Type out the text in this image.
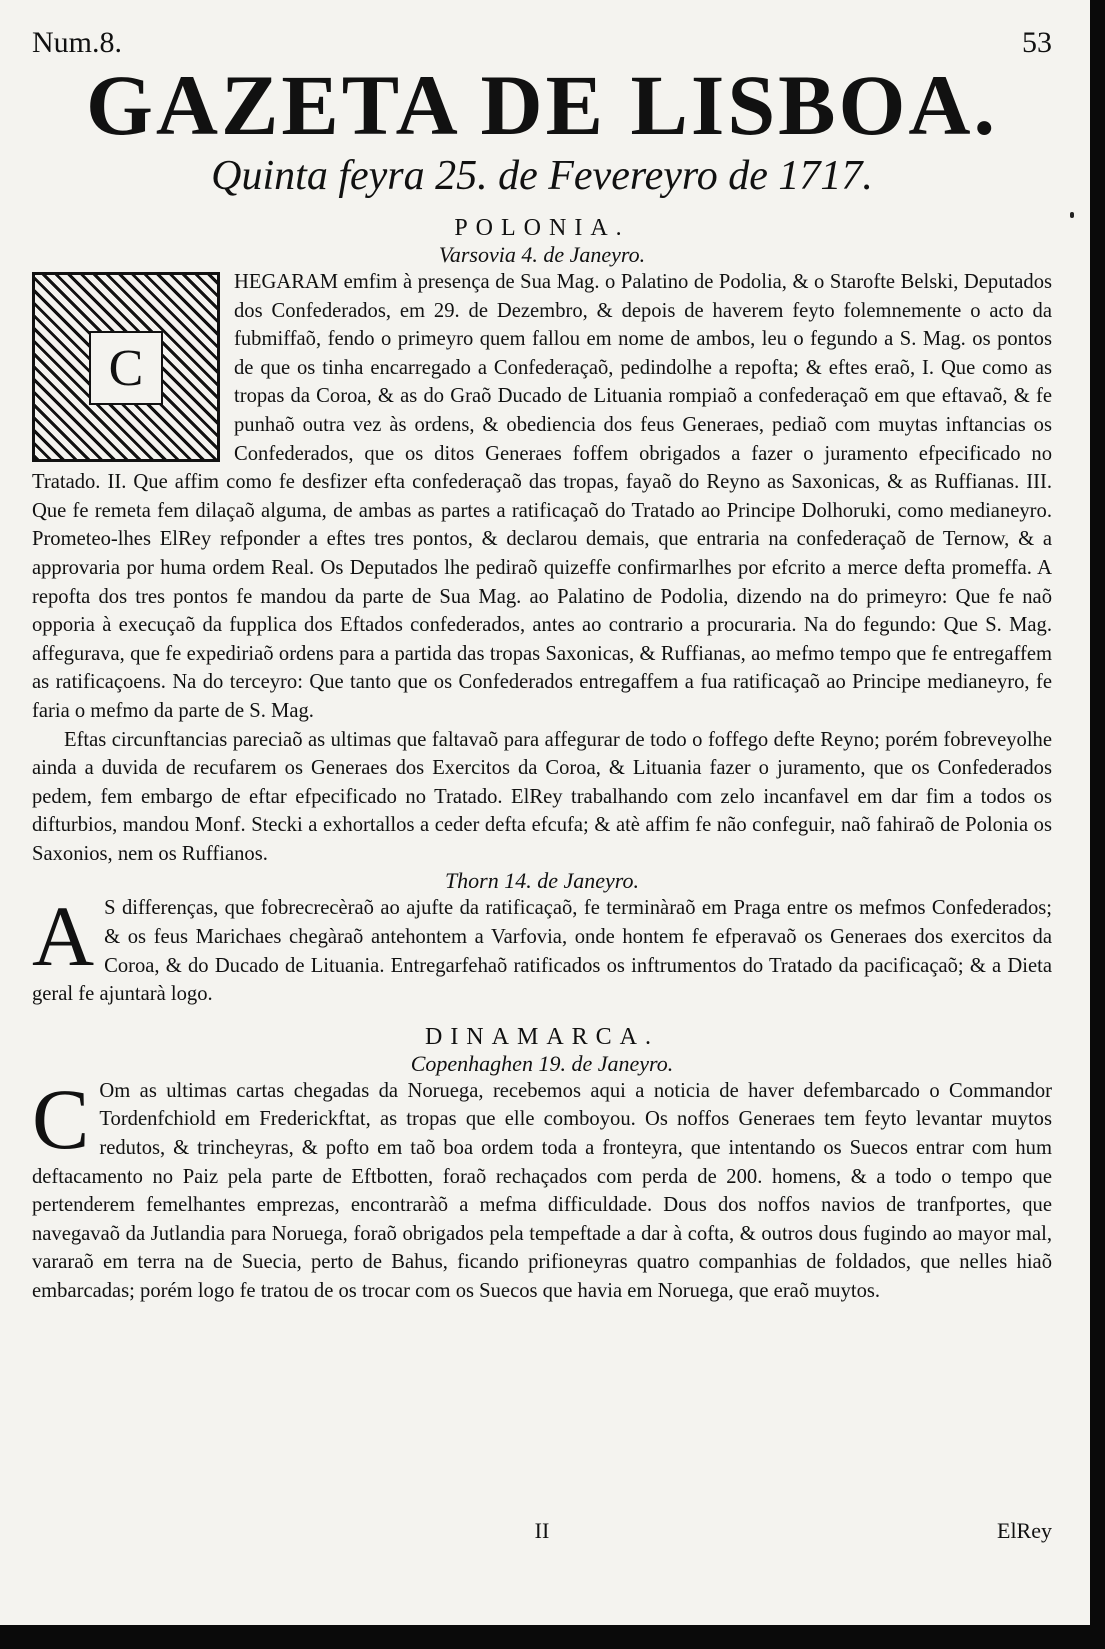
Num.8.	53
GAZETA DE LISBOA.
Quinta feyra 25. de Fevereyro de 1717.
POLONIA.
Varsovia 4. de Janeyro.
C

HEGARAM emfim à presença de Sua Mag. o Palatino de Podolia, & o Starofte Belski, Deputados dos Confederados, em 29. de Dezembro, & depois de haverem feyto folemnemente o acto da fubmiffaõ, fendo o primeyro quem fallou em nome de ambos, leu o fegundo a S. Mag. os pontos de que os tinha encarregado a Confederaçaõ, pedindolhe a repofta; & eftes eraõ, I. Que como as tropas da Coroa, & as do Graõ Ducado de Lituania rompiaõ a confederaçaõ em que eftavaõ, & fe punhaõ outra vez às ordens, & obediencia dos feus Generaes, pediaõ com muytas inftancias os Confederados, que os ditos Generaes foffem obrigados a fazer o juramento efpecificado no Tratado. II. Que affim como fe desfizer efta confederaçaõ das tropas, fayaõ do Reyno as Saxonicas, & as Ruffianas. III. Que fe remeta fem dilaçaõ alguma, de ambas as partes a ratificaçaõ do Tratado ao Principe Dolhoruki, como medianeyro. Prometeo-lhes ElRey refponder a eftes tres pontos, & declarou demais, que entraria na confederaçaõ de Ternow, & a approvaria por huma ordem Real. Os Deputados lhe pediraõ quizeffe confirmarlhes por efcrito a merce defta promeffa. A repofta dos tres pontos fe mandou da parte de Sua Mag. ao Palatino de Podolia, dizendo na do primeyro: Que fe naõ opporia à execuçaõ da fupplica dos Eftados confederados, antes ao contrario a procuraria. Na do fegundo: Que S. Mag. affegurava, que fe expediriaõ ordens para a partida das tropas Saxonicas, & Ruffianas, ao mefmo tempo que fe entregaffem as ratificaçoens. Na do terceyro: Que tanto que os Confederados entregaffem a fua ratificaçaõ ao Principe medianeyro, fe faria o mefmo da parte de S. Mag.

Eftas circunftancias pareciaõ as ultimas que faltavaõ para affegurar de todo o foffego defte Reyno; porém fobreveyolhe ainda a duvida de recufarem os Generaes dos Exercitos da Coroa, & Lituania fazer o juramento, que os Confederados pedem, fem embargo de eftar efpecificado no Tratado. ElRey trabalhando com zelo incanfavel em dar fim a todos os difturbios, mandou Monf. Stecki a exhortallos a ceder defta efcufa; & atè affim fe não confeguir, naõ fahiraõ de Polonia os Saxonios, nem os Ruffianos.

Thorn 14. de Janeyro.
A S differenças, que fobrecrecèraõ ao ajufte da ratificaçaõ, fe terminàraõ em Praga entre os mefmos Confederados; & os feus Marichaes chegàraõ antehontem a Varfovia, onde hontem fe efperavaõ os Generaes dos exercitos da Coroa, & do Ducado de Lituania. Entregarfehaõ ratificados os inftrumentos do Tratado da pacificaçaõ; & a Dieta geral fe ajuntarà logo.

DINAMARCA.
Copenhaghen 19. de Janeyro.
C Om as ultimas cartas chegadas da Noruega, recebemos aqui a noticia de haver defembarcado o Commandor Tordenfchiold em Frederickftat, as tropas que elle comboyou. Os noffos Generaes tem feyto levantar muytos redutos, & trincheyras, & pofto em taõ boa ordem toda a fronteyra, que intentando os Suecos entrar com hum deftacamento no Paiz pela parte de Eftbotten, foraõ rechaçados com perda de 200. homens, & a todo o tempo que pertenderem femelhantes emprezas, encontraràõ a mefma difficuldade. Dous dos noffos navios de tranfportes, que navegavaõ da Jutlandia para Noruega, foraõ obrigados pela tempeftade a dar à cofta, & outros dous fugindo ao mayor mal, vararaõ em terra na de Suecia, perto de Bahus, ficando prifioneyras quatro companhias de foldados, que nelles hiaõ embarcadas; porém logo fe tratou de os trocar com os Suecos que havia em Noruega, que eraõ muytos.

II	ElRey
